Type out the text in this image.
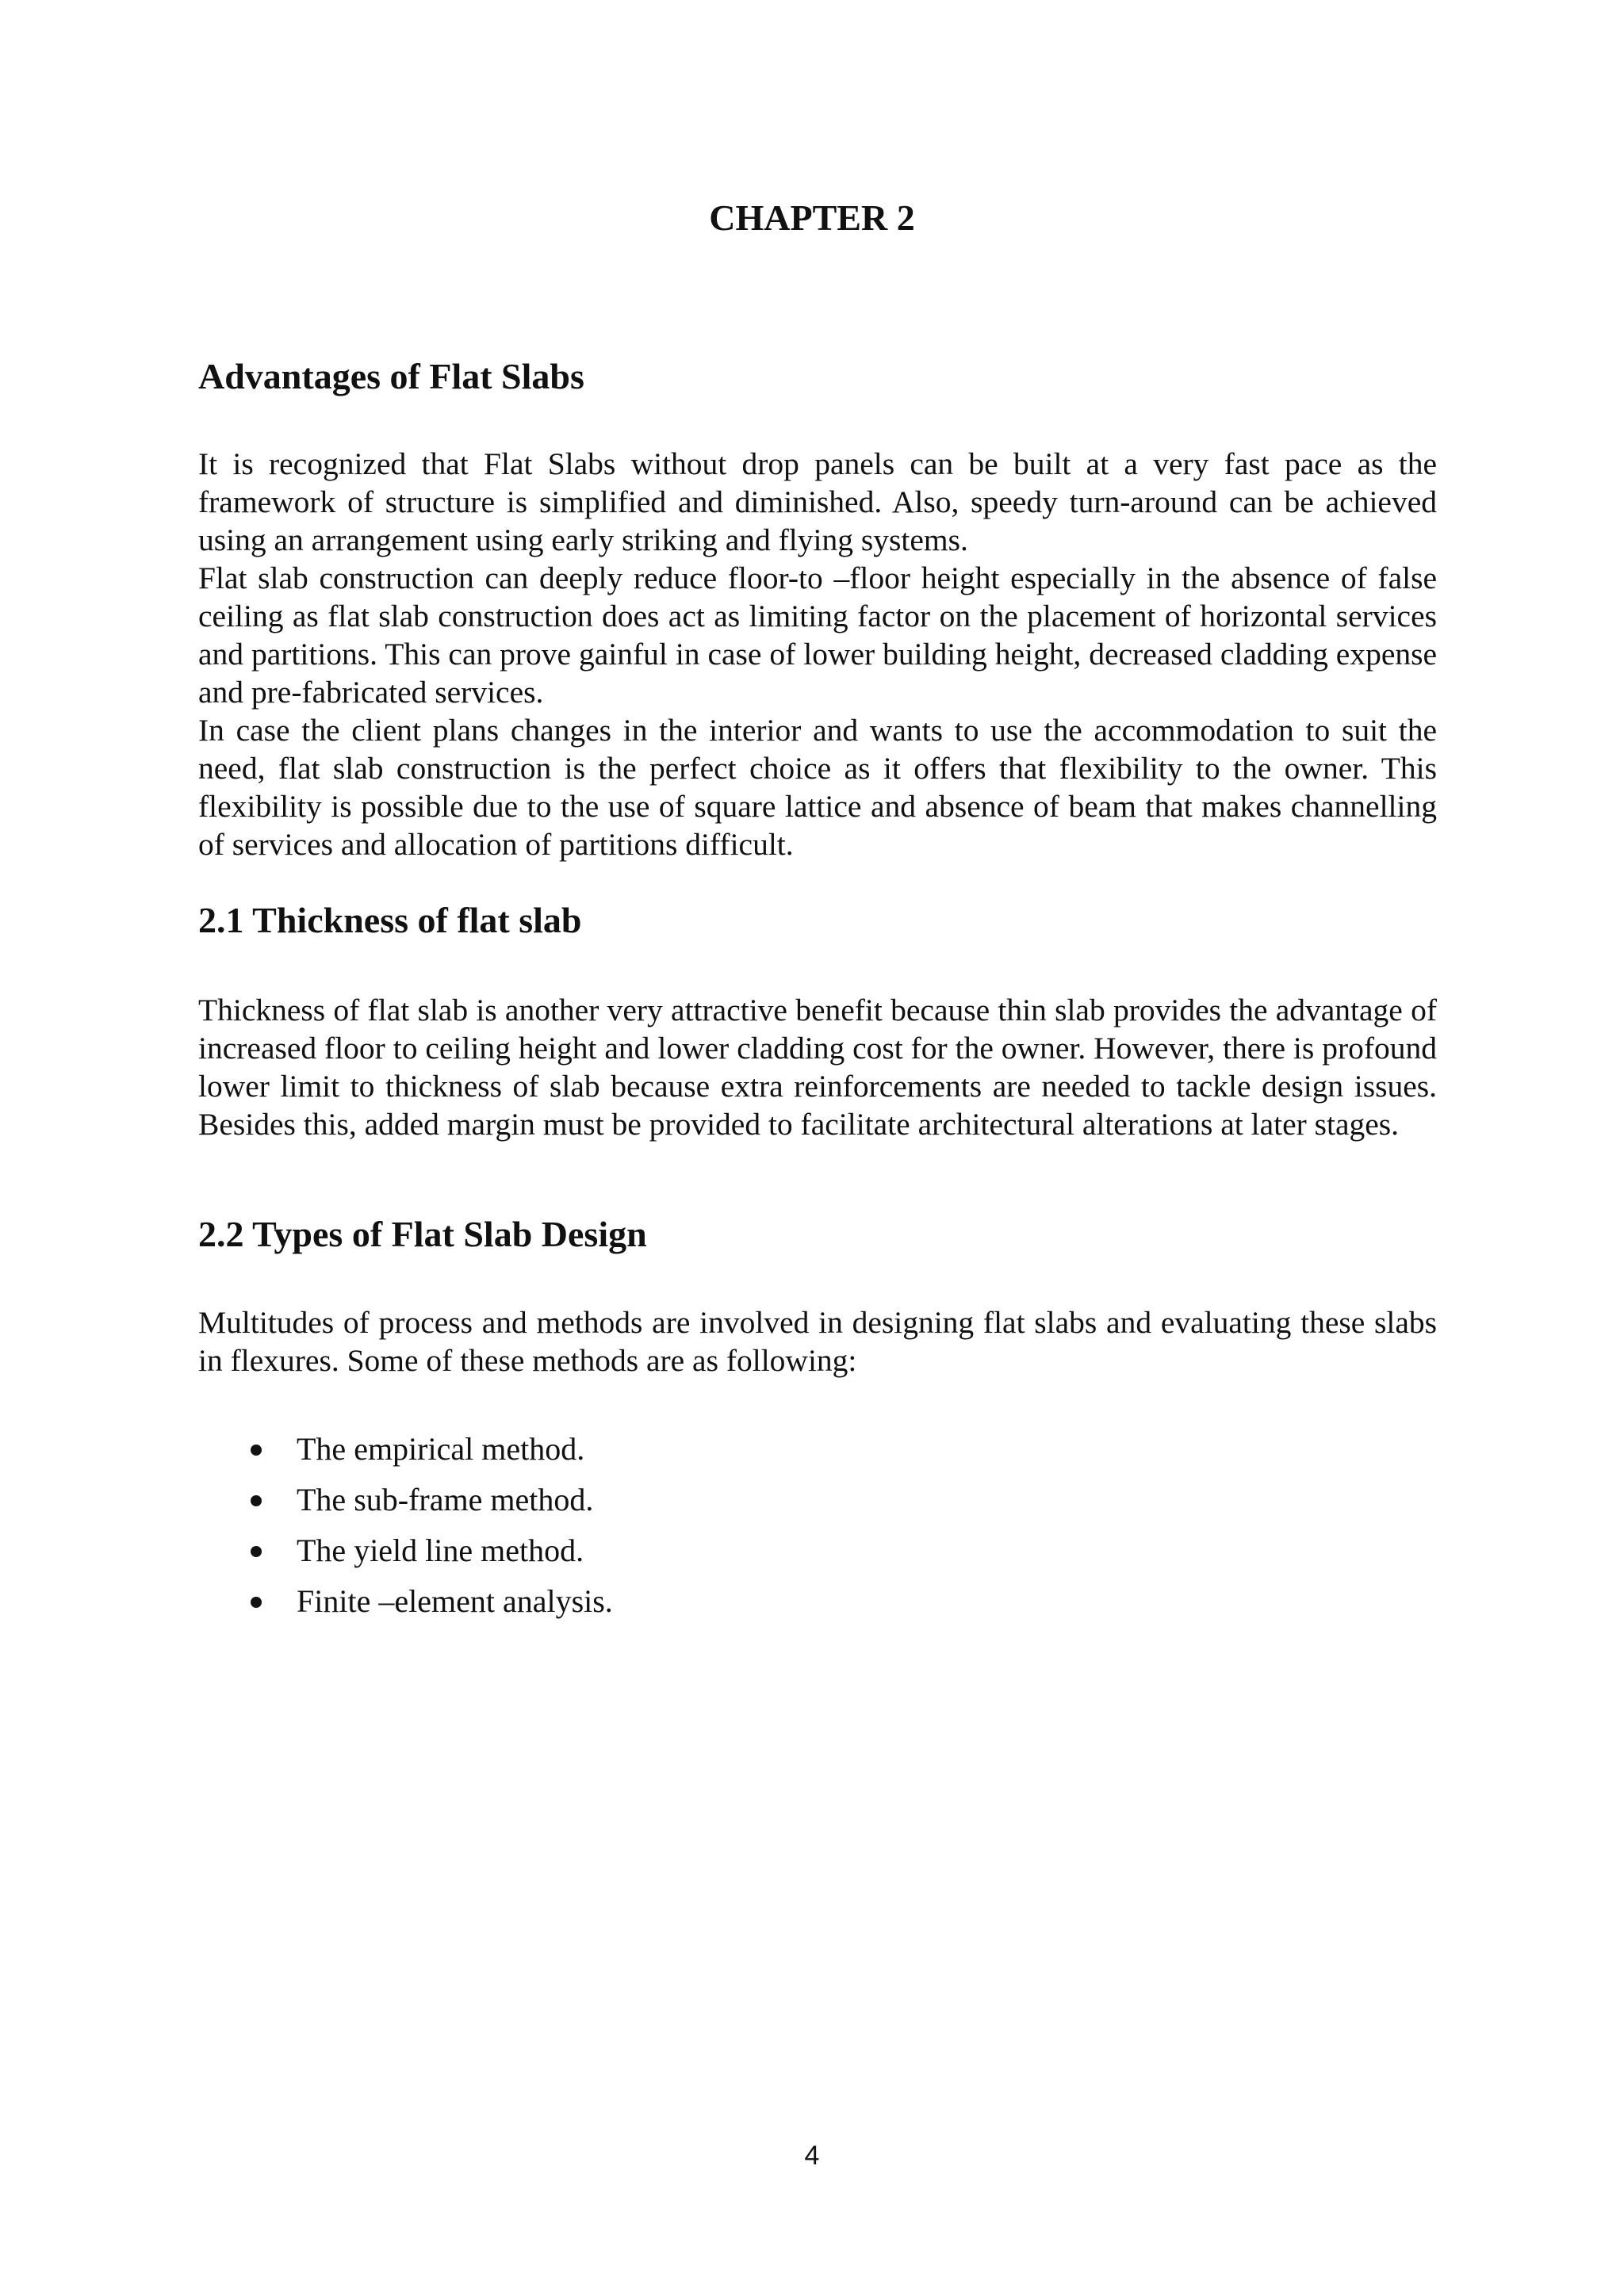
CHAPTER 2
Advantages of Flat Slabs

It is recognized that Flat Slabs without drop panels can be built at a very fast pace as the framework of structure is simplified and diminished. Also, speedy turn-around can be achieved using an arrangement using early striking and flying systems.

Flat slab construction can deeply reduce floor-to –floor height especially in the absence of false ceiling as flat slab construction does act as limiting factor on the placement of horizontal services and partitions. This can prove gainful in case of lower building height, decreased cladding expense and pre-fabricated services.

In case the client plans changes in the interior and wants to use the accommodation to suit the need, flat slab construction is the perfect choice as it offers that flexibility to the owner. This flexibility is possible due to the use of square lattice and absence of beam that makes channelling of services and allocation of partitions difficult.

2.1 Thickness of flat slab

Thickness of flat slab is another very attractive benefit because thin slab provides the advantage of increased floor to ceiling height and lower cladding cost for the owner. However, there is profound lower limit to thickness of slab because extra reinforcements are needed to tackle design issues. Besides this, added margin must be provided to facilitate architectural alterations at later stages.

2.2 Types of Flat Slab Design

Multitudes of process and methods are involved in designing flat slabs and evaluating these slabs in flexures. Some of these methods are as following:

The empirical method.
The sub-frame method.
The yield line method.
Finite –element analysis.

4
